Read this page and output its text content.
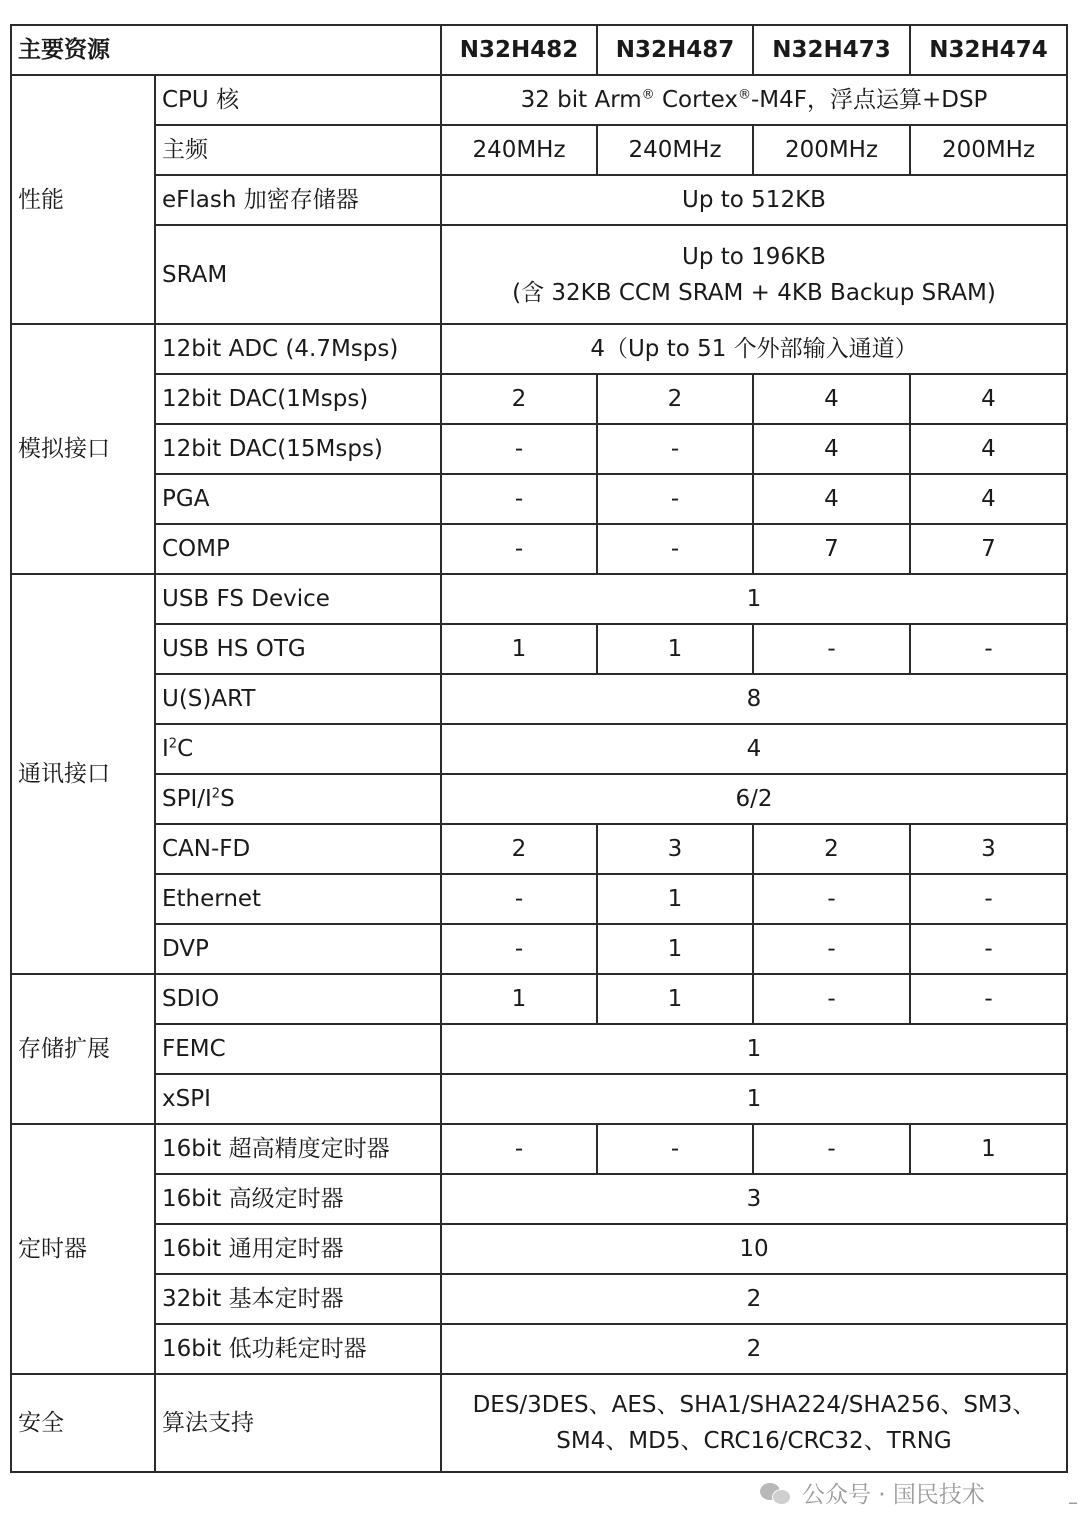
主要资源		N32H482	N32H487	N32H473	N32H474
性能	CPU 核	32 bit Arm® Cortex®-M4F，浮点运算+DSP			
	主频	240MHz	240MHz	200MHz	200MHz
	eFlash 加密存储器	Up to 512KB			
	SRAM	Up to 196KB
(含 32KB CCM SRAM + 4KB Backup SRAM)			

模拟接口	12bit ADC (4.7Msps)	4（Up to 51 个外部输入通道）			
	12bit DAC(1Msps)	2	2	4	4
	12bit DAC(15Msps)	-	-	4	4
	PGA	-	-	4	4
	COMP	-	-	7	7
通讯接口	USB FS Device	1			
	USB HS OTG	1	1	-	-
	U(S)ART	8			
	$I^2C$	4			
	SPI/$I^2S$	6/2			
	CAN-FD	2	3	2	3
	Ethernet	-	1	-	-
	DVP	-	1	-	-
存储扩展	SDIO	1	1	-	-
	FEMC	1			
	xSPI	1			
定时器	16bit 超高精度定时器	-	-	-	1
	16bit 高级定时器	3			
	16bit 通用定时器	10			
	32bit 基本定时器	2			
	16bit 低功耗定时器	2			
安全	算法支持	DES/3DES、AES、SHA1/SHA224/SHA256、SM3、
SM4、MD5、CRC16/CRC32、TRNG			
公众号 · 国民技术	–
